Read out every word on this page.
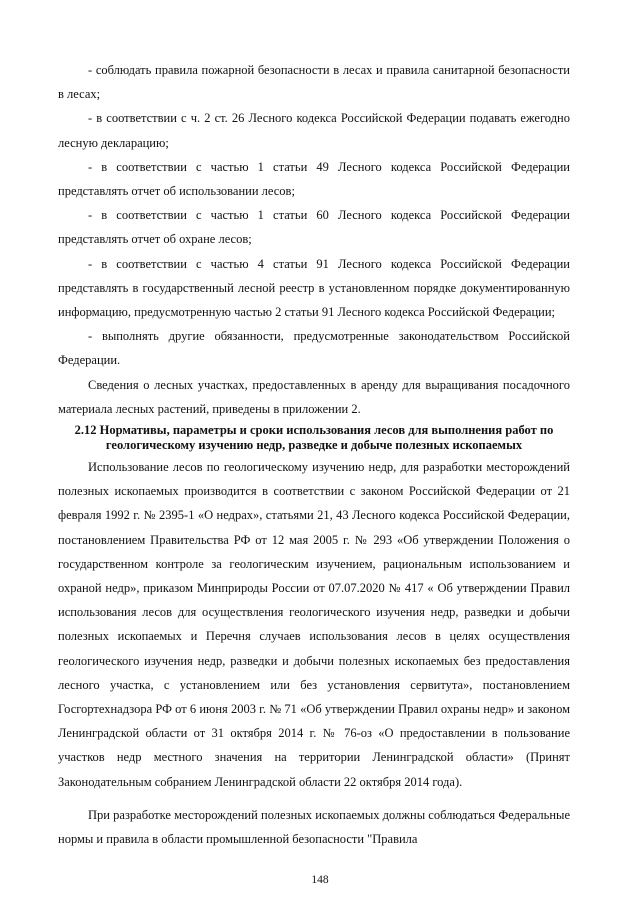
- соблюдать правила пожарной безопасности в лесах и правила санитарной безопасности в лесах;

- в соответствии с ч. 2 ст. 26 Лесного кодекса Российской Федерации подавать ежегодно лесную декларацию;

- в соответствии с частью 1 статьи 49 Лесного кодекса Российской Федерации представлять отчет об использовании лесов;

- в соответствии с частью 1 статьи 60 Лесного кодекса Российской Федерации представлять отчет об охране лесов;

- в соответствии с частью 4 статьи 91 Лесного кодекса Российской Федерации представлять в государственный лесной реестр в установленном порядке документированную информацию, предусмотренную частью 2 статьи 91 Лесного кодекса Российской Федерации;

- выполнять другие обязанности, предусмотренные законодательством Российской Федерации.

Сведения о лесных участках, предоставленных в аренду для выращивания посадочного материала лесных растений, приведены в приложении 2.

2.12 Нормативы, параметры и сроки использования лесов для выполнения работ по геологическому изучению недр, разведке и добыче полезных ископаемых

Использование лесов по геологическому изучению недр, для разработки месторождений полезных ископаемых производится в соответствии с законом Российской Федерации от 21 февраля 1992 г. № 2395-1 «О недрах», статьями 21, 43 Лесного кодекса Российской Федерации, постановлением Правительства РФ от 12 мая 2005 г. № 293 «Об утверждении Положения о государственном контроле за геологическим изучением, рациональным использованием и охраной недр», приказом Минприроды России от 07.07.2020 № 417 « Об утверждении Правил использования лесов для осуществления геологического изучения недр, разведки и добычи полезных ископаемых и Перечня случаев использования лесов в целях осуществления геологического изучения недр, разведки и добычи полезных ископаемых без предоставления лесного участка, с установлением или без установления сервитута», постановлением Госгортехнадзора РФ от 6 июня 2003 г. № 71 «Об утверждении Правил охраны недр» и законом Ленинградской области от 31 октября 2014 г. № 76-оз «О предоставлении в пользование участков недр местного значения на территории Ленинградской области» (Принят Законодательным собранием Ленинградской области 22 октября 2014 года).

При разработке месторождений полезных ископаемых должны соблюдаться Федеральные нормы и правила в области промышленной безопасности "Правила

148
